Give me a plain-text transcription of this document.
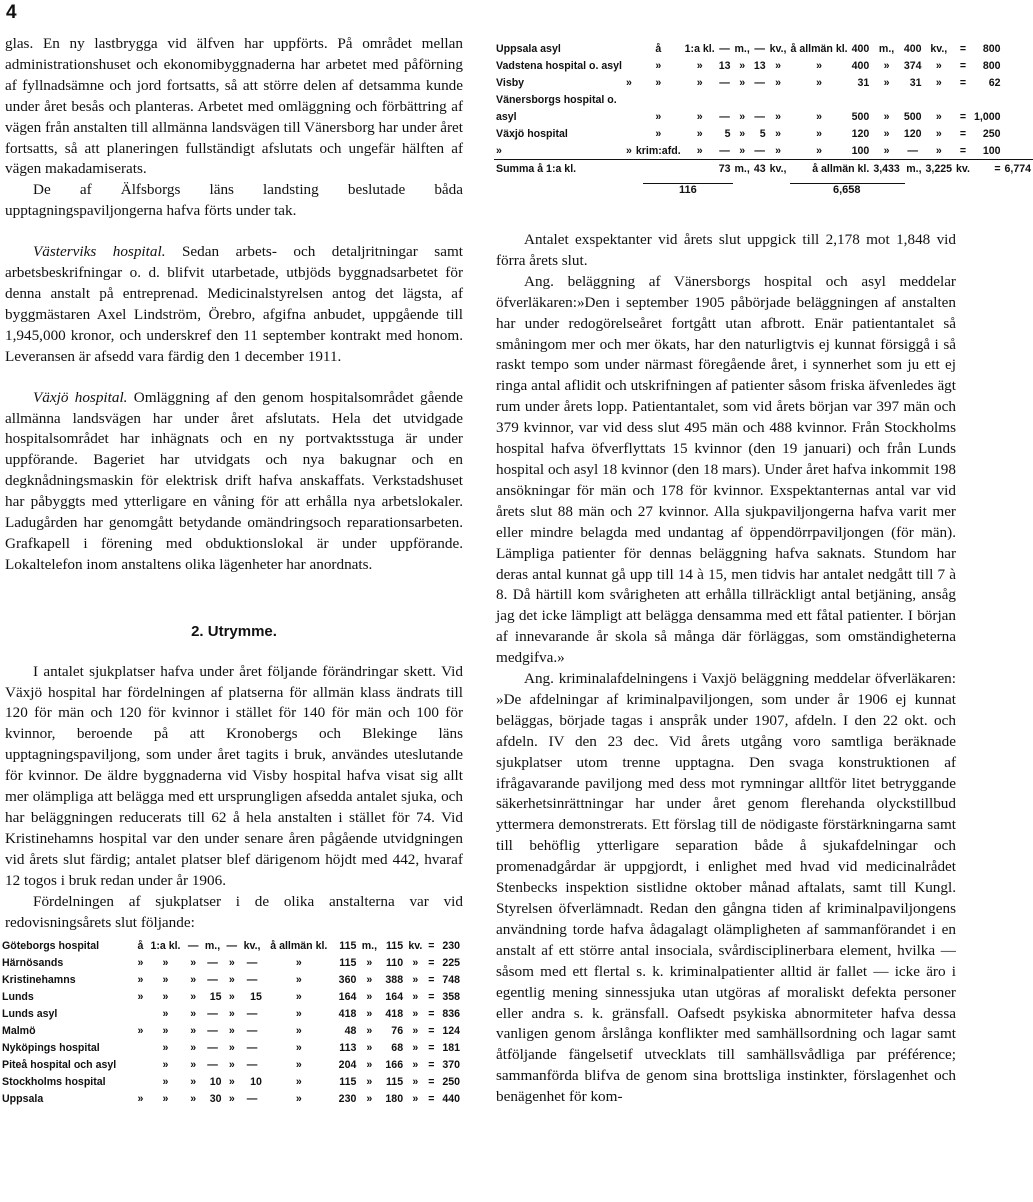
4

glas. En ny lastbrygga vid älfven har uppförts. På området mellan administrationshuset och ekonomibyggnaderna har arbetet med påförning af fyllnadsämne och jord fortsatts, så att större delen af detsamma kunde under året besås och planteras. Arbetet med omläggning och förbättring af vägen från anstalten till allmänna landsvägen till Vänersborg har under året fortsatts, så att planeringen fullständigt afslutats och ungefär hälften af vägen makadamiserats.

De af Älfsborgs läns landsting beslutade båda upptagningspaviljongerna hafva förts under tak.

Västerviks hospital. Sedan arbets- och detaljritningar samt arbetsbeskrifningar o. d. blifvit utarbetade, utbjöds byggnadsarbetet för denna anstalt på entreprenad. Medicinalstyrelsen antog det lägsta, af byggmästaren Axel Lindström, Örebro, afgifna anbudet, uppgående till 1,945,000 kronor, och underskref den 11 september kontrakt med honom. Leveransen är afsedd vara färdig den 1 december 1911.

Växjö hospital. Omläggning af den genom hospitalsområdet gående allmänna landsvägen har under året afslutats. Hela det utvidgade hospitalsområdet har inhägnats och en ny portvaktsstuga är under uppförande. Bageriet har utvidgats och nya bakugnar och en degknådningsmaskin för elektrisk drift hafva anskaffats. Verkstadshuset har påbyggts med ytterligare en våning för att erhålla nya arbetslokaler. Ladugården har genomgått betydande omändringsoch reparationsarbeten. Grafkapell i förening med obduktionslokal är under uppförande. Lokaltelefon inom anstaltens olika lägenheter har anordnats.

2. Utrymme.

I antalet sjukplatser hafva under året följande förändringar skett. Vid Växjö hospital har fördelningen af platserna för allmän klass ändrats till 120 för män och 120 för kvinnor i stället för 140 för män och 100 för kvinnor, beroende på att Kronobergs och Blekinge läns upptagningspaviljong, som under året tagits i bruk, användes uteslutande för kvinnor. De äldre byggnaderna vid Visby hospital hafva visat sig allt mer olämpliga att belägga med ett ursprungligen afsedda antalet sjuka, och har beläggningen reducerats till 62 å hela anstalten i stället för 74. Vid Kristinehamns hospital var den under senare åren pågående utvidgningen vid årets slut färdig; antalet platser blef därigenom höjdt med 442, hvaraf 12 togos i bruk redan under år 1906.

Fördelningen af sjukplatser i de olika anstalterna var vid redovisningsårets slut följande:

Göteborgs hospital	å	1:a kl.	—	m.,	—	kv.,	å allmän kl.	115	m.,	115	kv.	=	230
Härnösands	»	»	»	—	»	—	»	115	»	110	»	=	225
Kristinehamns	»	»	»	—	»	—	»	360	»	388	»	=	748
Lunds	»	»	»	15	»	15	»	164	»	164	»	=	358
Lunds asyl		»	»	—	»	—	»	418	»	418	»	=	836
Malmö	»	»	»	—	»	—	»	48	»	76	»	=	124
Nyköpings hospital		»	»	—	»	—	»	113	»	68	»	=	181
Piteå hospital och asyl		»	»	—	»	—	»	204	»	166	»	=	370
Stockholms hospital		»	»	10	»	10	»	115	»	115	»	=	250
Uppsala	»	»	»	30	»	—	»	230	»	180	»	=	440
Uppsala asyl		å	1:a kl.	—	m.,	—	kv.,	å allmän kl.	400	m.,	400	kv.,	=	800	
Vadstena hospital o. asyl		»	»	13	»	13	»	»	400	»	374	»	=	800	
Visby	»	»	»	—	»	—	»	»	31	»	31	»	=	62	
Vänersborgs hospital o.															
asyl		»	»	—	»	—	»	»	500	»	500	»	=	1,000	
Växjö hospital		»	»	5	»	5	»	»	120	»	120	»	=	250	
»	»	krim:afd.	»	—	»	—	»	»	100	»	—	»	=	100	
Summa å 1:a kl.				73	m.,	43	kv.,	å allmän kl.		3,433	m.,	3,225	kv.	=	6,774
116	6,658

Antalet exspektanter vid årets slut uppgick till 2,178 mot 1,848 vid förra årets slut.

Ang. beläggning af Vänersborgs hospital och asyl meddelar öfverläkaren:»Den i september 1905 påbörjade beläggningen af anstalten har under redogörelseåret fortgått utan afbrott. Enär patientantalet så småningom mer och mer ökats, har den naturligtvis ej kunnat försiggå i så raskt tempo som under närmast föregående året, i synnerhet som ju ett ej ringa antal aflidit och utskrifningen af patienter såsom friska äfvenledes ägt rum under årets lopp. Patientantalet, som vid årets början var 397 män och 379 kvinnor, var vid dess slut 495 män och 488 kvinnor. Från Stockholms hospital hafva öfverflyttats 15 kvinnor (den 19 januari) och från Lunds hospital och asyl 18 kvinnor (den 18 mars). Under året hafva inkommit 198 ansökningar för män och 178 för kvinnor. Exspektanternas antal var vid årets slut 88 män och 27 kvinnor. Alla sjukpaviljongerna hafva varit mer eller mindre belagda med undantag af öppendörrpaviljongen (för män). Lämpliga patienter för dennas beläggning hafva saknats. Stundom har deras antal kunnat gå upp till 14 à 15, men tidvis har antalet nedgått till 7 à 8. Då härtill kom svårigheten att erhålla tillräckligt antal betjäning, ansåg jag det icke lämpligt att belägga densamma med ett fåtal patienter. I början af innevarande år skola så många där förläggas, som omständigheterna medgifva.»

Ang. kriminalafdelningens i Vaxjö beläggning meddelar öfverläkaren: »De afdelningar af kriminalpaviljongen, som under år 1906 ej kunnat beläggas, började tagas i anspråk under 1907, afdeln. I den 22 okt. och afdeln. IV den 23 dec. Vid årets utgång voro samtliga beräknade sjukplatser utom trenne upptagna. Den svaga konstruktionen af ifrågavarande paviljong med dess mot rymningar alltför litet betryggande säkerhetsinrättningar har under året genom flerehanda olyckstillbud yttermera demonstrerats. Ett förslag till de nödigaste förstärkningarna samt till behöflig ytterligare separation både å sjukafdelningar och promenadgårdar är uppgjordt, i enlighet med hvad vid medicinalrådet Stenbecks inspektion sistlidne oktober månad aftalats, samt till Kungl. Styrelsen öfverlämnadt. Redan den gångna tiden af kriminalpaviljongens användning torde hafva ådagalagt olämpligheten af sammanförandet i en anstalt af ett större antal insociala, svårdisciplinerbara element, hvilka — såsom med ett flertal s. k. kriminalpatienter alltid är fallet — icke äro i egentlig mening sinnessjuka utan utgöras af moraliskt defekta personer eller andra s. k. gränsfall. Oafsedt psykiska abnormiteter hafva dessa vanligen genom årslånga konflikter med samhällsordning och lagar samt åtföljande fängelsetif utvecklats till samhällsvådliga par préférence; sammanförda blifva de genom sina brottsliga instinkter, förslagenhet och benägenhet för kom-
